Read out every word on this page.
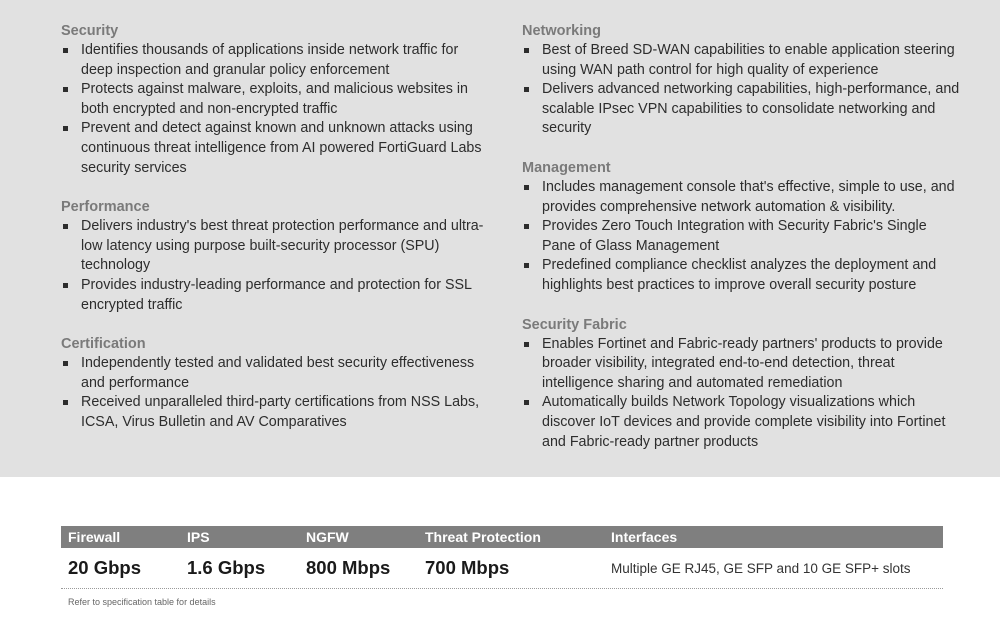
Security
Identifies thousands of applications inside network traffic for deep inspection and granular policy enforcement
Protects against malware, exploits, and malicious websites in both encrypted and non-encrypted traffic
Prevent and detect against known and unknown attacks using continuous threat intelligence from AI powered FortiGuard Labs security services
Performance
Delivers industry's best threat protection performance and ultra-low latency using purpose built-security processor (SPU) technology
Provides industry-leading performance and protection for SSL encrypted traffic
Certification
Independently tested and validated best security effectiveness and performance
Received unparalleled third-party certifications from NSS Labs, ICSA, Virus Bulletin and AV Comparatives
Networking
Best of Breed SD-WAN capabilities to enable application steering using WAN path control for high quality of experience
Delivers advanced networking capabilities, high-performance, and scalable IPsec VPN capabilities to consolidate networking and security
Management
Includes management console that's effective, simple to use, and provides comprehensive network automation & visibility.
Provides Zero Touch Integration with Security Fabric's Single Pane of Glass Management
Predefined compliance checklist analyzes the deployment and highlights best practices to improve overall security posture
Security Fabric
Enables Fortinet and Fabric-ready partners' products to provide broader visibility, integrated end-to-end detection, threat intelligence sharing and automated remediation
Automatically builds Network Topology visualizations which discover IoT devices and provide complete visibility into Fortinet and Fabric-ready partner products
Firewall	IPS	NGFW	Threat Protection	Interfaces
20 Gbps	1.6 Gbps	800 Mbps	700 Mbps	Multiple GE RJ45, GE SFP and 10 GE SFP+ slots
Refer to specification table for details
